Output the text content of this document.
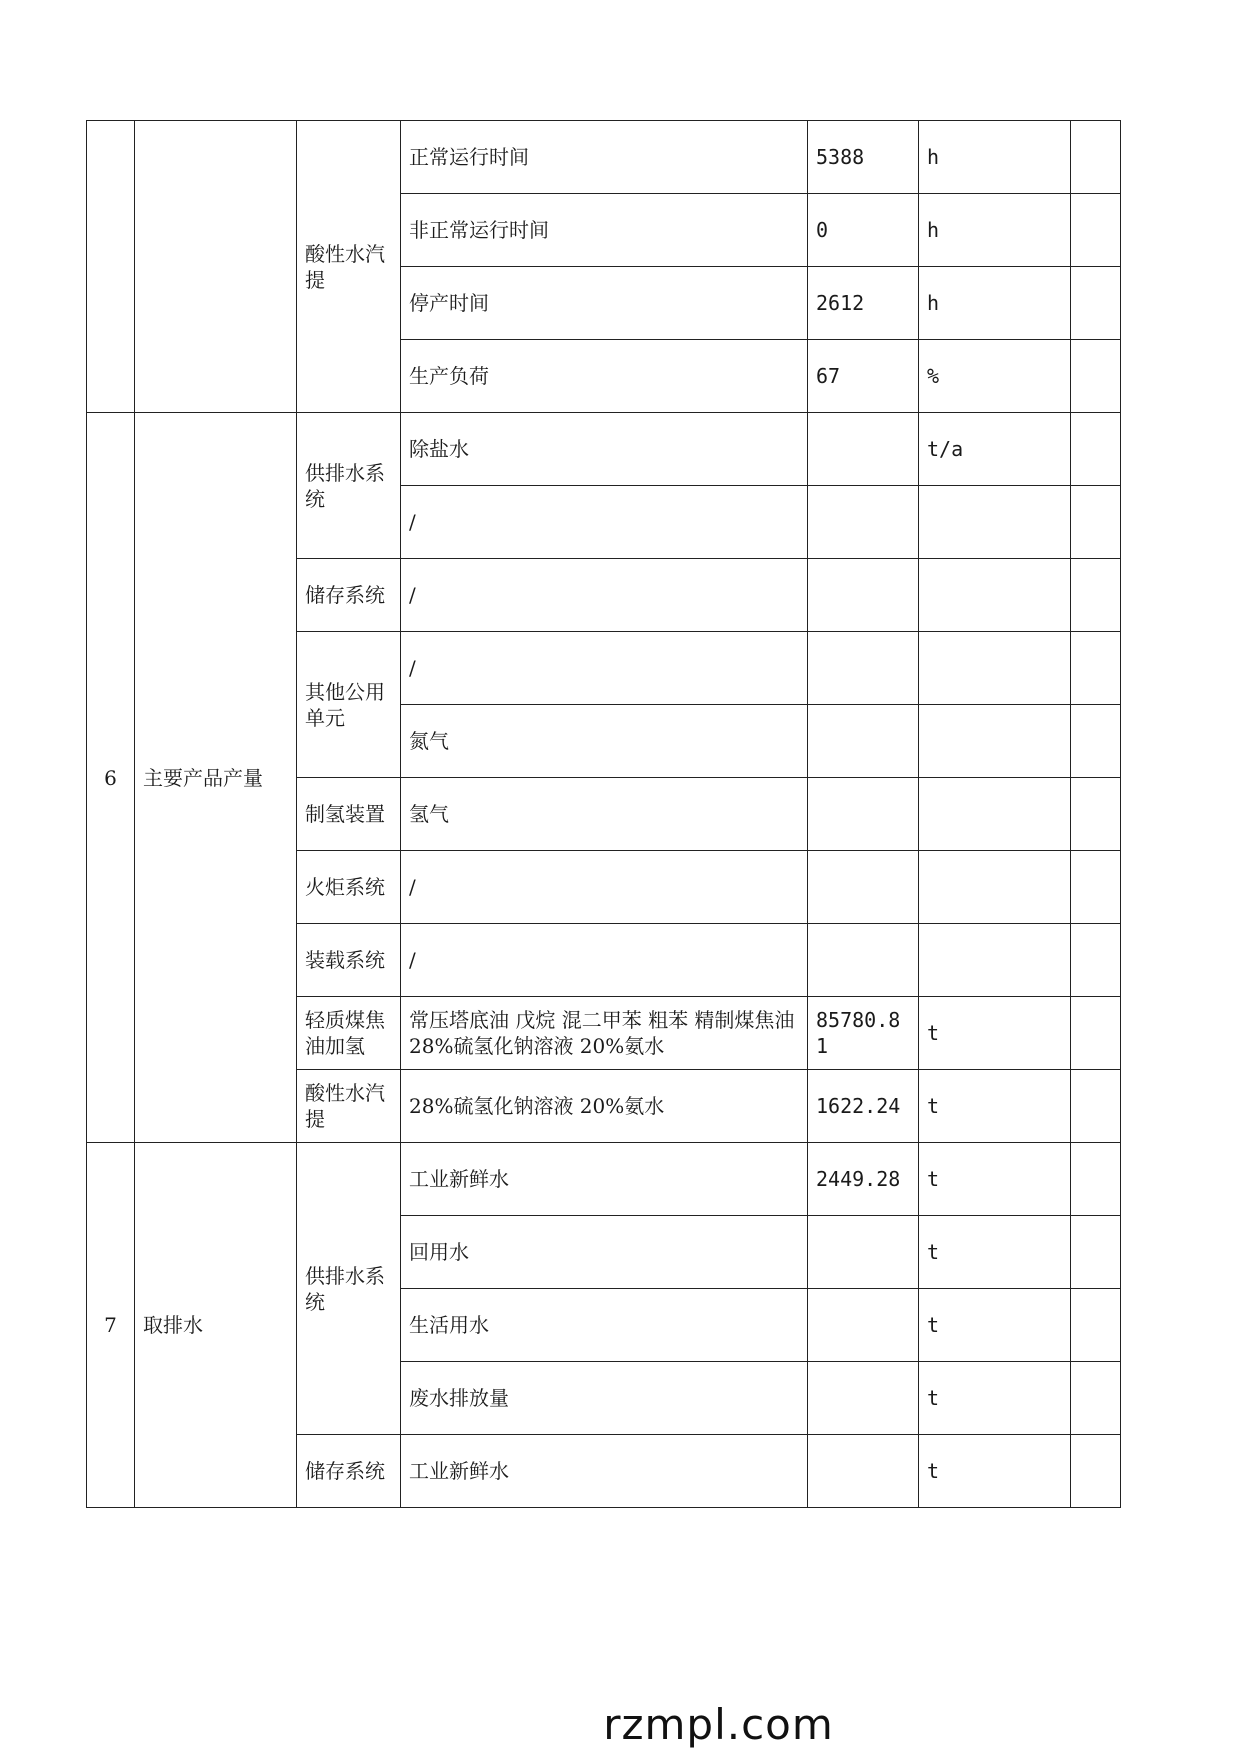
		酸性水汽提	正常运行时间	5388	h	
			非正常运行时间	0	h	
			停产时间	2612	h	
			生产负荷	67	%	
6	主要产品产量	供排水系统	除盐水		t/a	
			/			
		储存系统	/			
		其他公用单元	/			
			氮气			
		制氢装置	氢气			
		火炬系统	/			
		装载系统	/			
		轻质煤焦油加氢	常压塔底油 戊烷 混二甲苯 粗苯 精制煤焦油 28%硫氢化钠溶液 20%氨水	85780.81	t	
		酸性水汽提	28%硫氢化钠溶液 20%氨水	1622.24	t	
7	取排水	供排水系统	工业新鲜水	2449.28	t	
			回用水		t	
			生活用水		t	
			废水排放量		t	
		储存系统	工业新鲜水		t	
rzmpl.com
